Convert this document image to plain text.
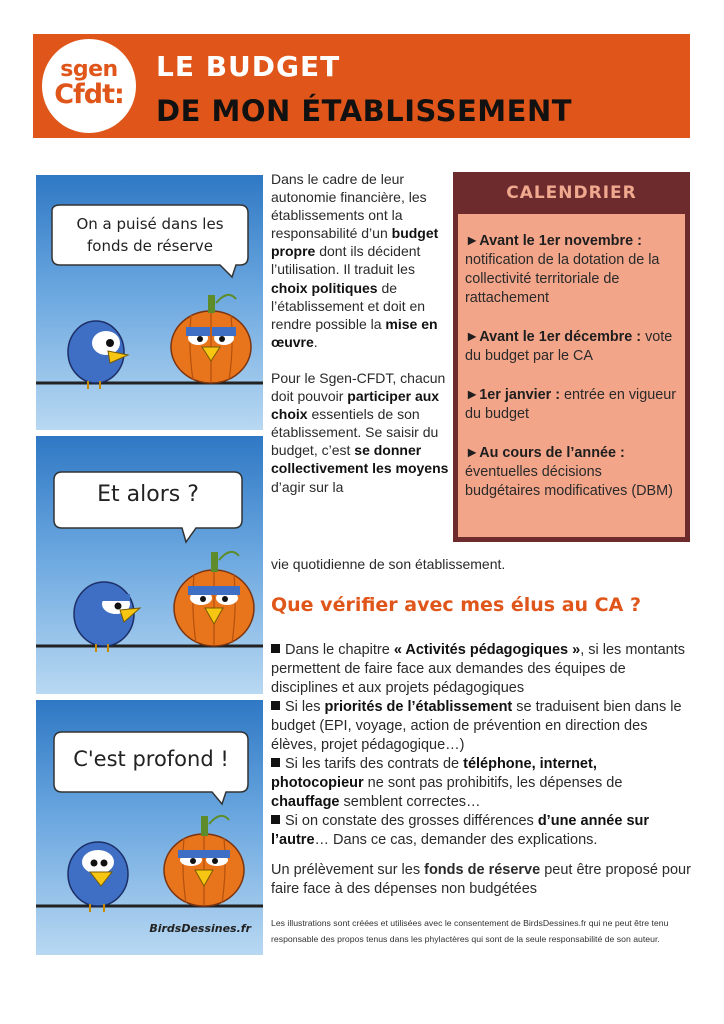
sgen
Cfdt:
LE BUDGET
DE MON ÉTABLISSEMENT
On a puisé dans les
fonds de réserve
Et alors ?
C'est profond !
BirdsDessines.fr

Dans le cadre de leur autonomie financière, les établissements ont la responsabilité d’un budget propre dont ils décident l’utilisation. Il traduit les choix politiques de l’établissement et doit en rendre possible la mise en œuvre.

Pour le Sgen-CFDT, chacun doit pouvoir participer aux choix essentiels de son établissement. Se saisir du budget, c’est se donner collectivement les moyens d’agir sur la

vie quotidienne de son établissement.
CALENDRIER
►Avant le 1er novembre : notification de la dotation de la collectivité territoriale de rattachement
►Avant le 1er décembre : vote du budget par le CA
►1er janvier : entrée en vigueur du budget
►Au cours de l’année : éventuelles décisions budgétaires modificatives (DBM)
Que vérifier avec mes élus au CA ?
Dans le chapitre « Activités pédagogiques », si les montants permettent de faire face aux demandes des équipes de disciplines et aux projets pédagogiques
Si les priorités de l’établissement se traduisent bien dans le budget (EPI, voyage, action de prévention en direction des élèves, projet pédagogique…)
Si les tarifs des contrats de téléphone, internet, photocopieur ne sont pas prohibitifs, les dépenses de chauffage semblent correctes…
Si on constate des grosses différences d’une année sur l’autre… Dans ce cas, demander des explications.
Un prélèvement sur les fonds de réserve peut être proposé pour faire face à des dépenses non budgétées
Les illustrations sont créées et utilisées avec le consentement de BirdsDessines.fr qui ne peut être tenu responsable des propos tenus dans les phylactères qui sont de la seule responsabilité de son auteur.
